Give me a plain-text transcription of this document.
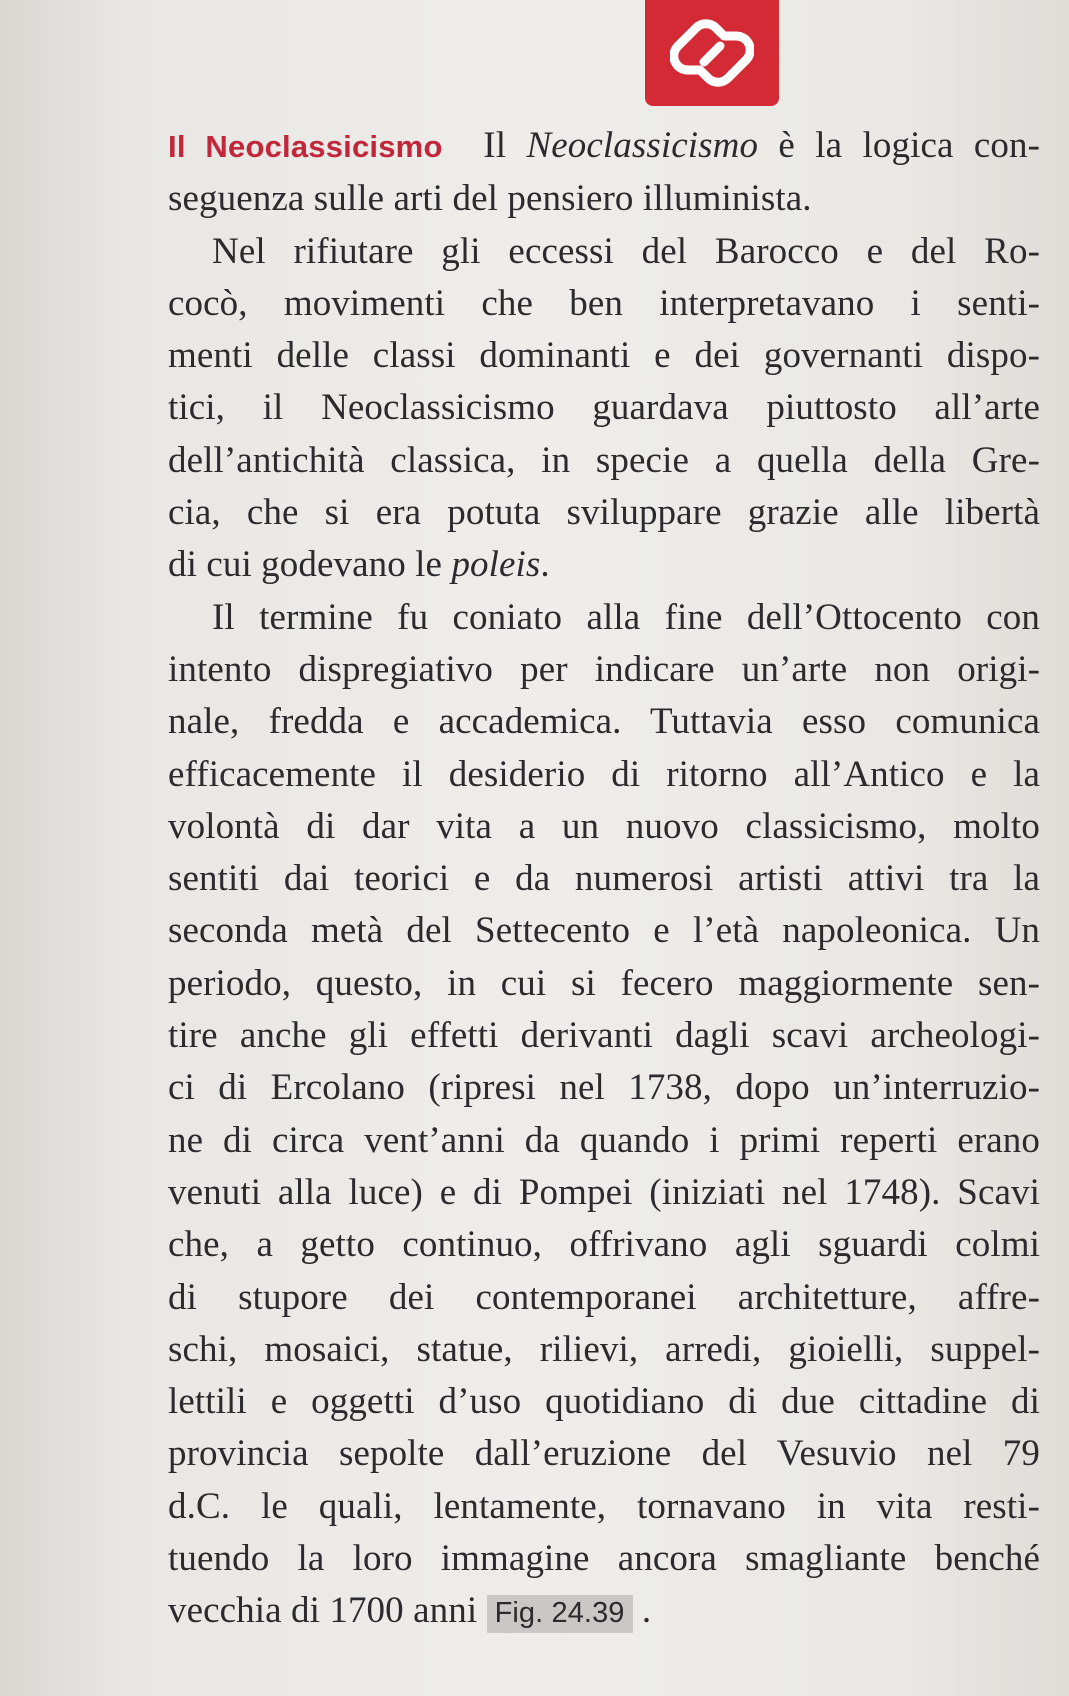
Il Neoclassicismo Il Neoclassicismo è la logica con-
seguenza sulle arti del pensiero illuminista.

Nel rifiutare gli eccessi del Barocco e del Ro-
cocò, movimenti che ben interpretavano i senti-
menti delle classi dominanti e dei governanti dispo-
tici, il Neoclassicismo guardava piuttosto all’arte
dell’antichità classica, in specie a quella della Gre-
cia, che si era potuta sviluppare grazie alle libertà
di cui godevano le poleis.

Il termine fu coniato alla fine dell’Ottocento con
intento dispregiativo per indicare un’arte non origi-
nale, fredda e accademica. Tuttavia esso comunica
efficacemente il desiderio di ritorno all’Antico e la
volontà di dar vita a un nuovo classicismo, molto
sentiti dai teorici e da numerosi artisti attivi tra la
seconda metà del Settecento e l’età napoleonica. Un
periodo, questo, in cui si fecero maggiormente sen-
tire anche gli effetti derivanti dagli scavi archeologi-
ci di Ercolano (ripresi nel 1738, dopo un’interruzio-
ne di circa vent’anni da quando i primi reperti erano
venuti alla luce) e di Pompei (iniziati nel 1748). Scavi
che, a getto continuo, offrivano agli sguardi colmi
di stupore dei contemporanei architetture, affre-
schi, mosaici, statue, rilievi, arredi, gioielli, suppel-
lettili e oggetti d’uso quotidiano di due cittadine di
provincia sepolte dall’eruzione del Vesuvio nel 79
d.C. le quali, lentamente, tornavano in vita resti-
tuendo la loro immagine ancora smagliante benché
vecchia di 1700 anni Fig. 24.39 .
